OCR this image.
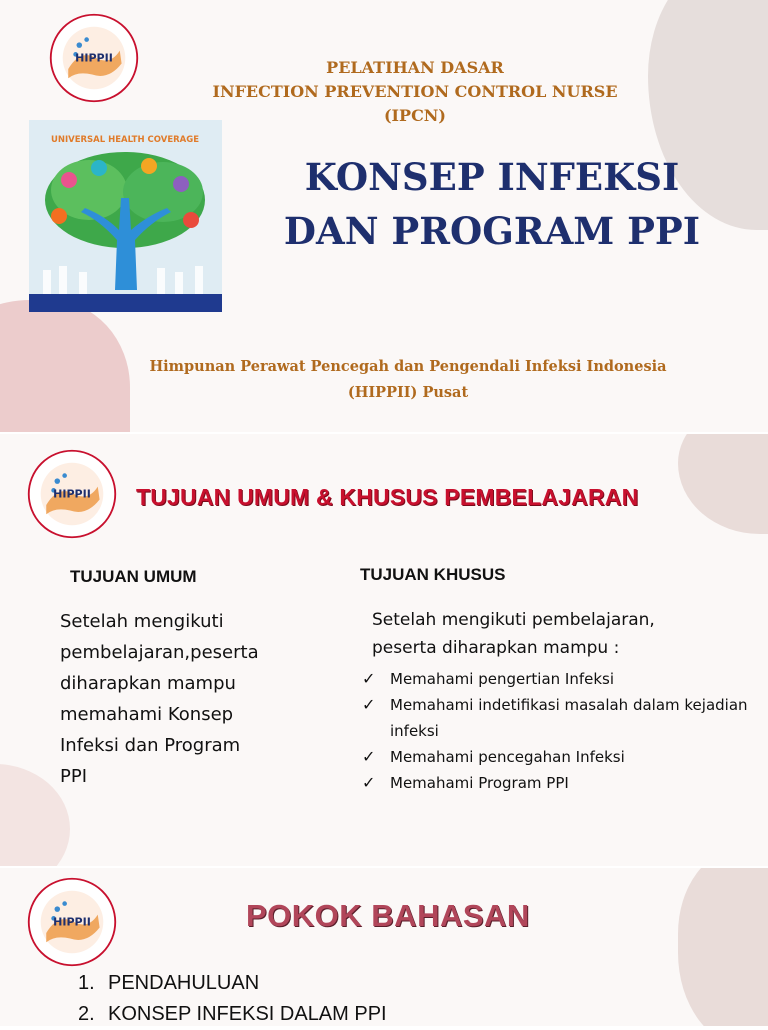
HIPPII	PELATIHAN DASAR
INFECTION PREVENTION CONTROL NURSE
(IPCN)
UNIVERSAL HEALTH COVERAGE
KONSEP INFEKSI
DAN PROGRAM PPI
Himpunan Perawat Pencegah dan Pengendali Infeksi Indonesia
(HIPPII) Pusat
HIPPII TUJUAN UMUM & KHUSUS PEMBELAJARAN
TUJUAN UMUM	TUJUAN KHUSUS
Setelah mengikuti
pembelajaran,peserta
diharapkan mampu
memahami Konsep
Infeksi dan Program
PPI
Setelah mengikuti pembelajaran,
peserta diharapkan mampu :
✓ Memahami pengertian Infeksi
✓ Memahami indetifikasi masalah dalam kejadian infeksi
✓ Memahami pencegahan Infeksi
✓ Memahami Program PPI
HIPPII	POKOK BAHASAN
1. PENDAHULUAN
2. KONSEP INFEKSI DALAM PPI
